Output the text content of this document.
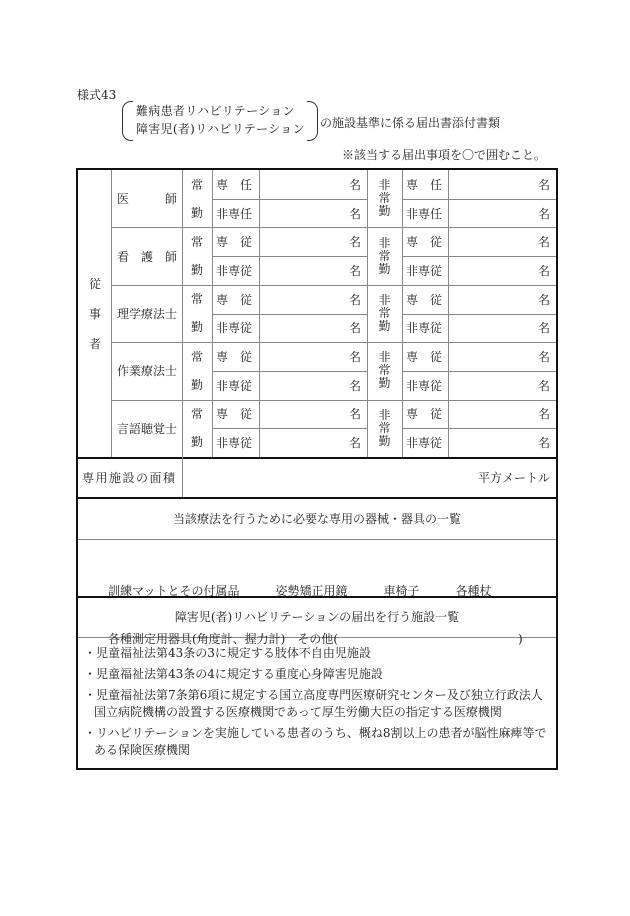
様式43
難病患者リハビリテーション
障害児(者)リハビリテーション の施設基準に係る届出書添付書類
※該当する届出事項を〇で囲むこと。
従
事
者
医　　　師
常
勤
非
常
勤
専　任	名	専　任	名
非専任	名	非専任	名
看　護　師
常
勤
非
常
勤
専　従	名	専　従	名
非専従	名	非専従	名
理学療法士
常
勤
非
常
勤
専　従	名	専　従	名
非専従	名	非専従	名
作業療法士
常
勤
非
常
勤
専　従	名	専　従	名
非専従	名	非専従	名
言語聴覚士
常
勤
非
常
勤
専　従	名	専　従	名
非専従	名	非専従	名
専用施設の面積	平方メートル
当該療法を行うために必要な専用の器械・器具の一覧

訓練マットとその付属品　　　姿勢矯正用鏡　　　車椅子　　　各種杖

各種測定用器具(角度計、握力計)　その他(　　　　　　　　　　　　　　　)

障害児(者)リハビリテーションの届出を行う施設一覧
・児童福祉法第43条の3に規定する肢体不自由児施設
・児童福祉法第43条の4に規定する重度心身障害児施設
・児童福祉法第7条第6項に規定する国立高度専門医療研究センター及び独立行政法人国立病院機構の設置する医療機関であって厚生労働大臣の指定する医療機関
・リハビリテーションを実施している患者のうち、概ね8割以上の患者が脳性麻痺等である保険医療機関
